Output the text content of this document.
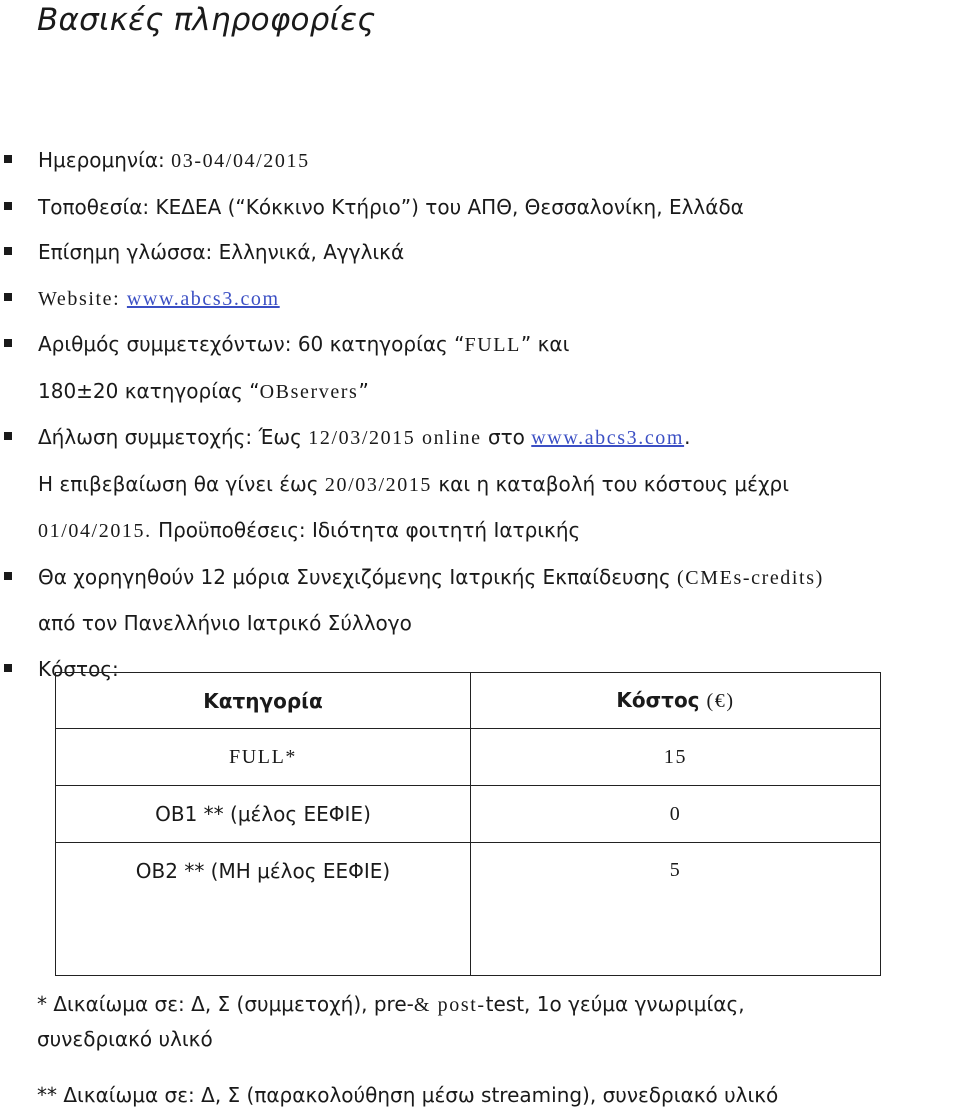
Βασικές πληροφορίες
Ημερομηνία: 03-04/04/2015
Τοποθεσία: ΚΕΔΕΑ (“Κόκκινο Κτήριο”) του ΑΠΘ, Θεσσαλονίκη, Ελλάδα
Επίσημη γλώσσα: Ελληνικά, Αγγλικά
Website: www.abcs3.com
Αριθμός συμμετεχόντων: 60 κατηγορίας “FULL” και
180±20 κατηγορίας “OBservers”
Δήλωση συμμετοχής: Έως 12/03/2015 online στο www.abcs3.com.
Η επιβεβαίωση θα γίνει έως 20/03/2015 και η καταβολή του κόστους μέχρι
01/04/2015. Προϋποθέσεις: Ιδιότητα φοιτητή Ιατρικής
Θα χορηγηθούν 12 μόρια Συνεχιζόμενης Ιατρικής Εκπαίδευσης (CMEs-credits)
από τον Πανελλήνιο Ιατρικό Σύλλογο
Κόστος:
Κατηγορία	Κόστος (€)
FULL*	15
OB1 ** (μέλος ΕΕΦΙΕ)	0
OB2 ** (ΜΗ μέλος ΕΕΦΙΕ)	5

* Δικαίωμα σε: Δ, Σ (συμμετοχή), pre-& post-test, 1ο γεύμα γνωριμίας,
συνεδριακό υλικό

** Δικαίωμα σε: Δ, Σ (παρακολούθηση μέσω streaming), συνεδριακό υλικό
